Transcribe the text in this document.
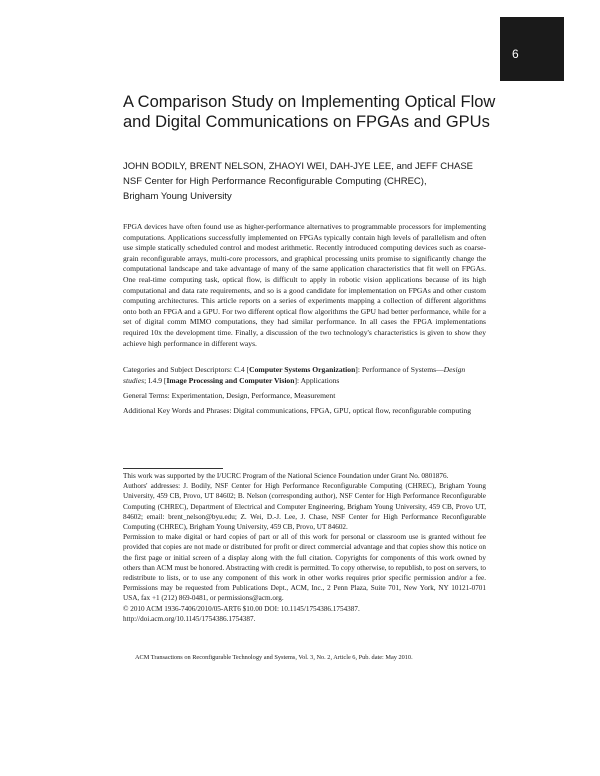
6
A Comparison Study on Implementing Optical Flow and Digital Communications on FPGAs and GPUs
JOHN BODILY, BRENT NELSON, ZHAOYI WEI, DAH-JYE LEE, and JEFF CHASE
NSF Center for High Performance Reconfigurable Computing (CHREC),
Brigham Young University

FPGA devices have often found use as higher-performance alternatives to programmable processors for implementing computations. Applications successfully implemented on FPGAs typically contain high levels of parallelism and often use simple statically scheduled control and modest arithmetic. Recently introduced computing devices such as coarse-grain reconfigurable arrays, multi-core processors, and graphical processing units promise to significantly change the computational landscape and take advantage of many of the same application characteristics that fit well on FPGAs. One real-time computing task, optical flow, is difficult to apply in robotic vision applications because of its high computational and data rate requirements, and so is a good candidate for implementation on FPGAs and other custom computing architectures. This article reports on a series of experiments mapping a collection of different algorithms onto both an FPGA and a GPU. For two different optical flow algorithms the GPU had better performance, while for a set of digital comm MIMO computations, they had similar performance. In all cases the FPGA implementations required 10x the development time. Finally, a discussion of the two technology's characteristics is given to show they achieve high performance in different ways.

Categories and Subject Descriptors: C.4 [Computer Systems Organization]: Performance of Systems—Design studies; I.4.9 [Image Processing and Computer Vision]: Applications

General Terms: Experimentation, Design, Performance, Measurement

Additional Key Words and Phrases: Digital communications, FPGA, GPU, optical flow, reconfigurable computing

This work was supported by the I/UCRC Program of the National Science Foundation under Grant No. 0801876.

Authors' addresses: J. Bodily, NSF Center for High Performance Reconfigurable Computing (CHREC), Brigham Young University, 459 CB, Provo, UT 84602; B. Nelson (corresponding author), NSF Center for High Performance Reconfigurable Computing (CHREC), Department of Electrical and Computer Engineering, Brigham Young University, 459 CB, Provo UT, 84602; email: brent_nelson@byu.edu; Z. Wei, D.-J. Lee, J. Chase, NSF Center for High Performance Reconfigurable Computing (CHREC), Brigham Young University, 459 CB, Provo, UT 84602.

Permission to make digital or hard copies of part or all of this work for personal or classroom use is granted without fee provided that copies are not made or distributed for profit or direct commercial advantage and that copies show this notice on the first page or initial screen of a display along with the full citation. Copyrights for components of this work owned by others than ACM must be honored. Abstracting with credit is permitted. To copy otherwise, to republish, to post on servers, to redistribute to lists, or to use any component of this work in other works requires prior specific permission and/or a fee. Permissions may be requested from Publications Dept., ACM, Inc., 2 Penn Plaza, Suite 701, New York, NY 10121-0701 USA, fax +1 (212) 869-0481, or permissions@acm.org.

© 2010 ACM 1936-7406/2010/05-ART6 $10.00 DOI: 10.1145/1754386.1754387.

http://doi.acm.org/10.1145/1754386.1754387.

ACM Transactions on Reconfigurable Technology and Systems, Vol. 3, No. 2, Article 6, Pub. date: May 2010.
